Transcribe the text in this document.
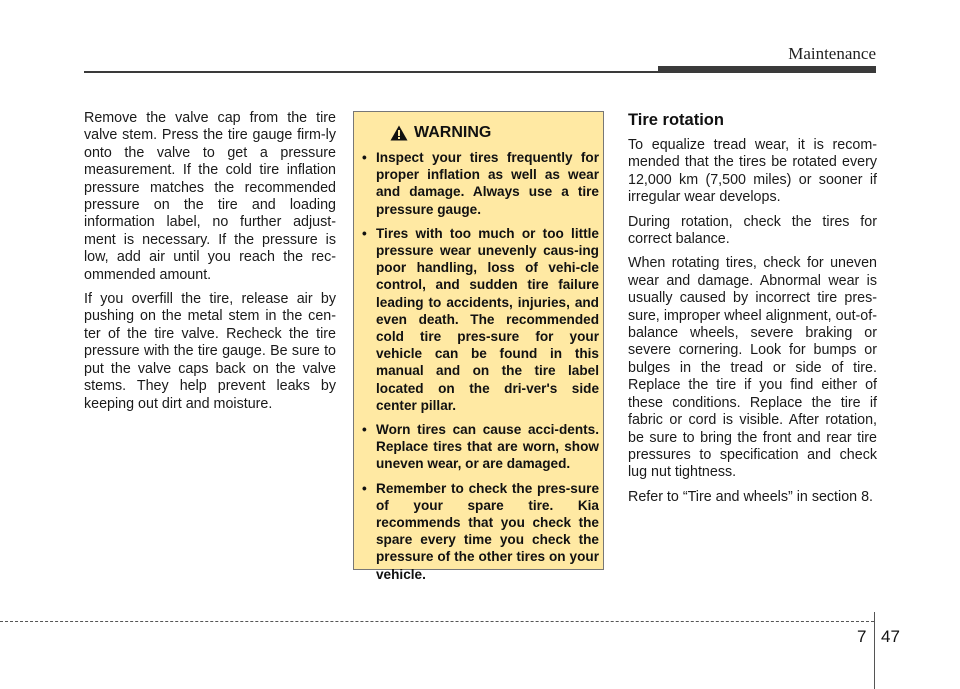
Maintenance

Remove the valve cap from the tire valve stem. Press the tire gauge firm-ly onto the valve to get a pressure measurement. If the cold tire inflation pressure matches the recommended pressure on the tire and loading information label, no further adjust-ment is necessary. If the pressure is low, add air until you reach the rec-ommended amount.

If you overfill the tire, release air by pushing on the metal stem in the cen-ter of the tire valve. Recheck the tire pressure with the tire gauge. Be sure to put the valve caps back on the valve stems. They help prevent leaks by keeping out dirt and moisture.

WARNING
• Inspect your tires frequently for proper inflation as well as wear and damage. Always use a tire pressure gauge.
• Tires with too much or too little pressure wear unevenly caus-ing poor handling, loss of vehi-cle control, and sudden tire failure leading to accidents, injuries, and even death. The recommended cold tire pres-sure for your vehicle can be found in this manual and on the tire label located on the dri-ver's side center pillar.
• Worn tires can cause acci-dents. Replace tires that are worn, show uneven wear, or are damaged.
• Remember to check the pres-sure of your spare tire. Kia recommends that you check the spare every time you check the pressure of the other tires on your vehicle.
Tire rotation

To equalize tread wear, it is recom-mended that the tires be rotated every 12,000 km (7,500 miles) or sooner if irregular wear develops.

During rotation, check the tires for correct balance.

When rotating tires, check for uneven wear and damage. Abnormal wear is usually caused by incorrect tire pres-sure, improper wheel alignment, out-of-balance wheels, severe braking or severe cornering. Look for bumps or bulges in the tread or side of tire. Replace the tire if you find either of these conditions. Replace the tire if fabric or cord is visible. After rotation, be sure to bring the front and rear tire pressures to specification and check lug nut tightness.

Refer to “Tire and wheels” in section 8.

7 47
